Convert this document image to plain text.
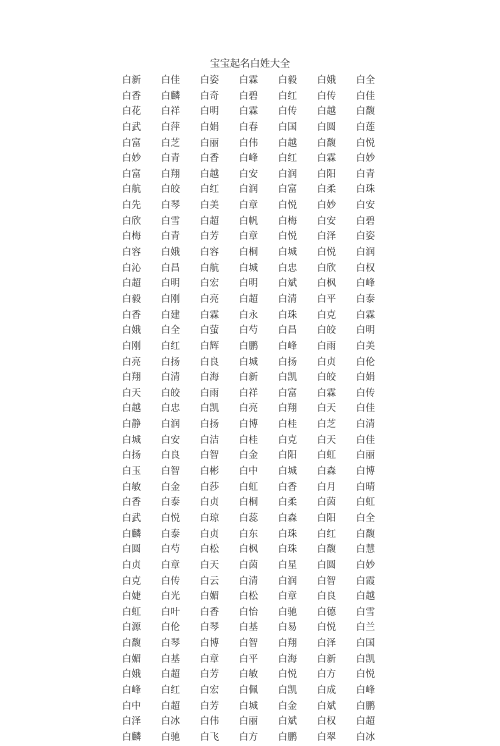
宝宝起名白姓大全
白新	白佳	白姿	白霖	白毅	白娥	白全
白香	白麟	白奇	白碧	白红	白传	白佳
白花	白祥	白明	白霖	白传	白越	白馥
白武	白萍	白娟	白春	白国	白圆	白莲
白富	白芝	白丽	白伟	白越	白馥	白悦
白妙	白青	白香	白峰	白红	白霖	白妙
白富	白翔	白越	白安	白润	白阳	白青
白航	白皎	白红	白润	白富	白柔	白珠
白先	白琴	白美	白章	白悦	白妙	白安
白欣	白雪	白超	白帆	白梅	白安	白碧
白梅	白青	白芳	白章	白悦	白泽	白姿
白容	白娥	白容	白桐	白城	白悦	白润
白沁	白昌	白航	白城	白忠	白欣	白权
白超	白明	白宏	白明	白斌	白枫	白峰
白毅	白刚	白亮	白超	白清	白平	白泰
白香	白建	白霖	白永	白珠	白克	白霖
白娥	白全	白萤	白芍	白昌	白皎	白明
白刚	白红	白辉	白鹏	白峰	白雨	白美
白亮	白扬	白良	白城	白扬	白贞	白伦
白翔	白清	白海	白新	白凯	白皎	白娟
白天	白皎	白雨	白祥	白富	白霖	白传
白越	白忠	白凯	白亮	白翔	白天	白佳
白静	白润	白扬	白博	白桂	白芝	白清
白城	白安	白洁	白桂	白克	白天	白佳
白扬	白良	白智	白金	白阳	白虹	白丽
白玉	白智	白彬	白中	白城	白森	白博
白敏	白金	白莎	白虹	白香	白月	白晴
白香	白泰	白贞	白桐	白柔	白茵	白虹
白武	白悦	白琼	白蕊	白森	白阳	白全
白麟	白泰	白贞	白东	白珠	白红	白馥
白圆	白芍	白松	白枫	白珠	白馥	白慧
白贞	白章	白天	白茵	白星	白圆	白妙
白克	白传	白云	白清	白润	白智	白霞
白婕	白光	白媚	白松	白章	白良	白越
白虹	白叶	白香	白怡	白驰	白德	白雪
白源	白伦	白琴	白基	白易	白悦	白兰
白馥	白琴	白博	白智	白翔	白泽	白国
白媚	白基	白章	白平	白海	白新	白凯
白娥	白超	白芳	白敏	白悦	白方	白悦
白峰	白红	白宏	白佩	白凯	白成	白峰
白中	白超	白芳	白城	白金	白斌	白鹏
白泽	白冰	白伟	白丽	白斌	白权	白超
白麟	白驰	白飞	白方	白鹏	白翠	白冰
